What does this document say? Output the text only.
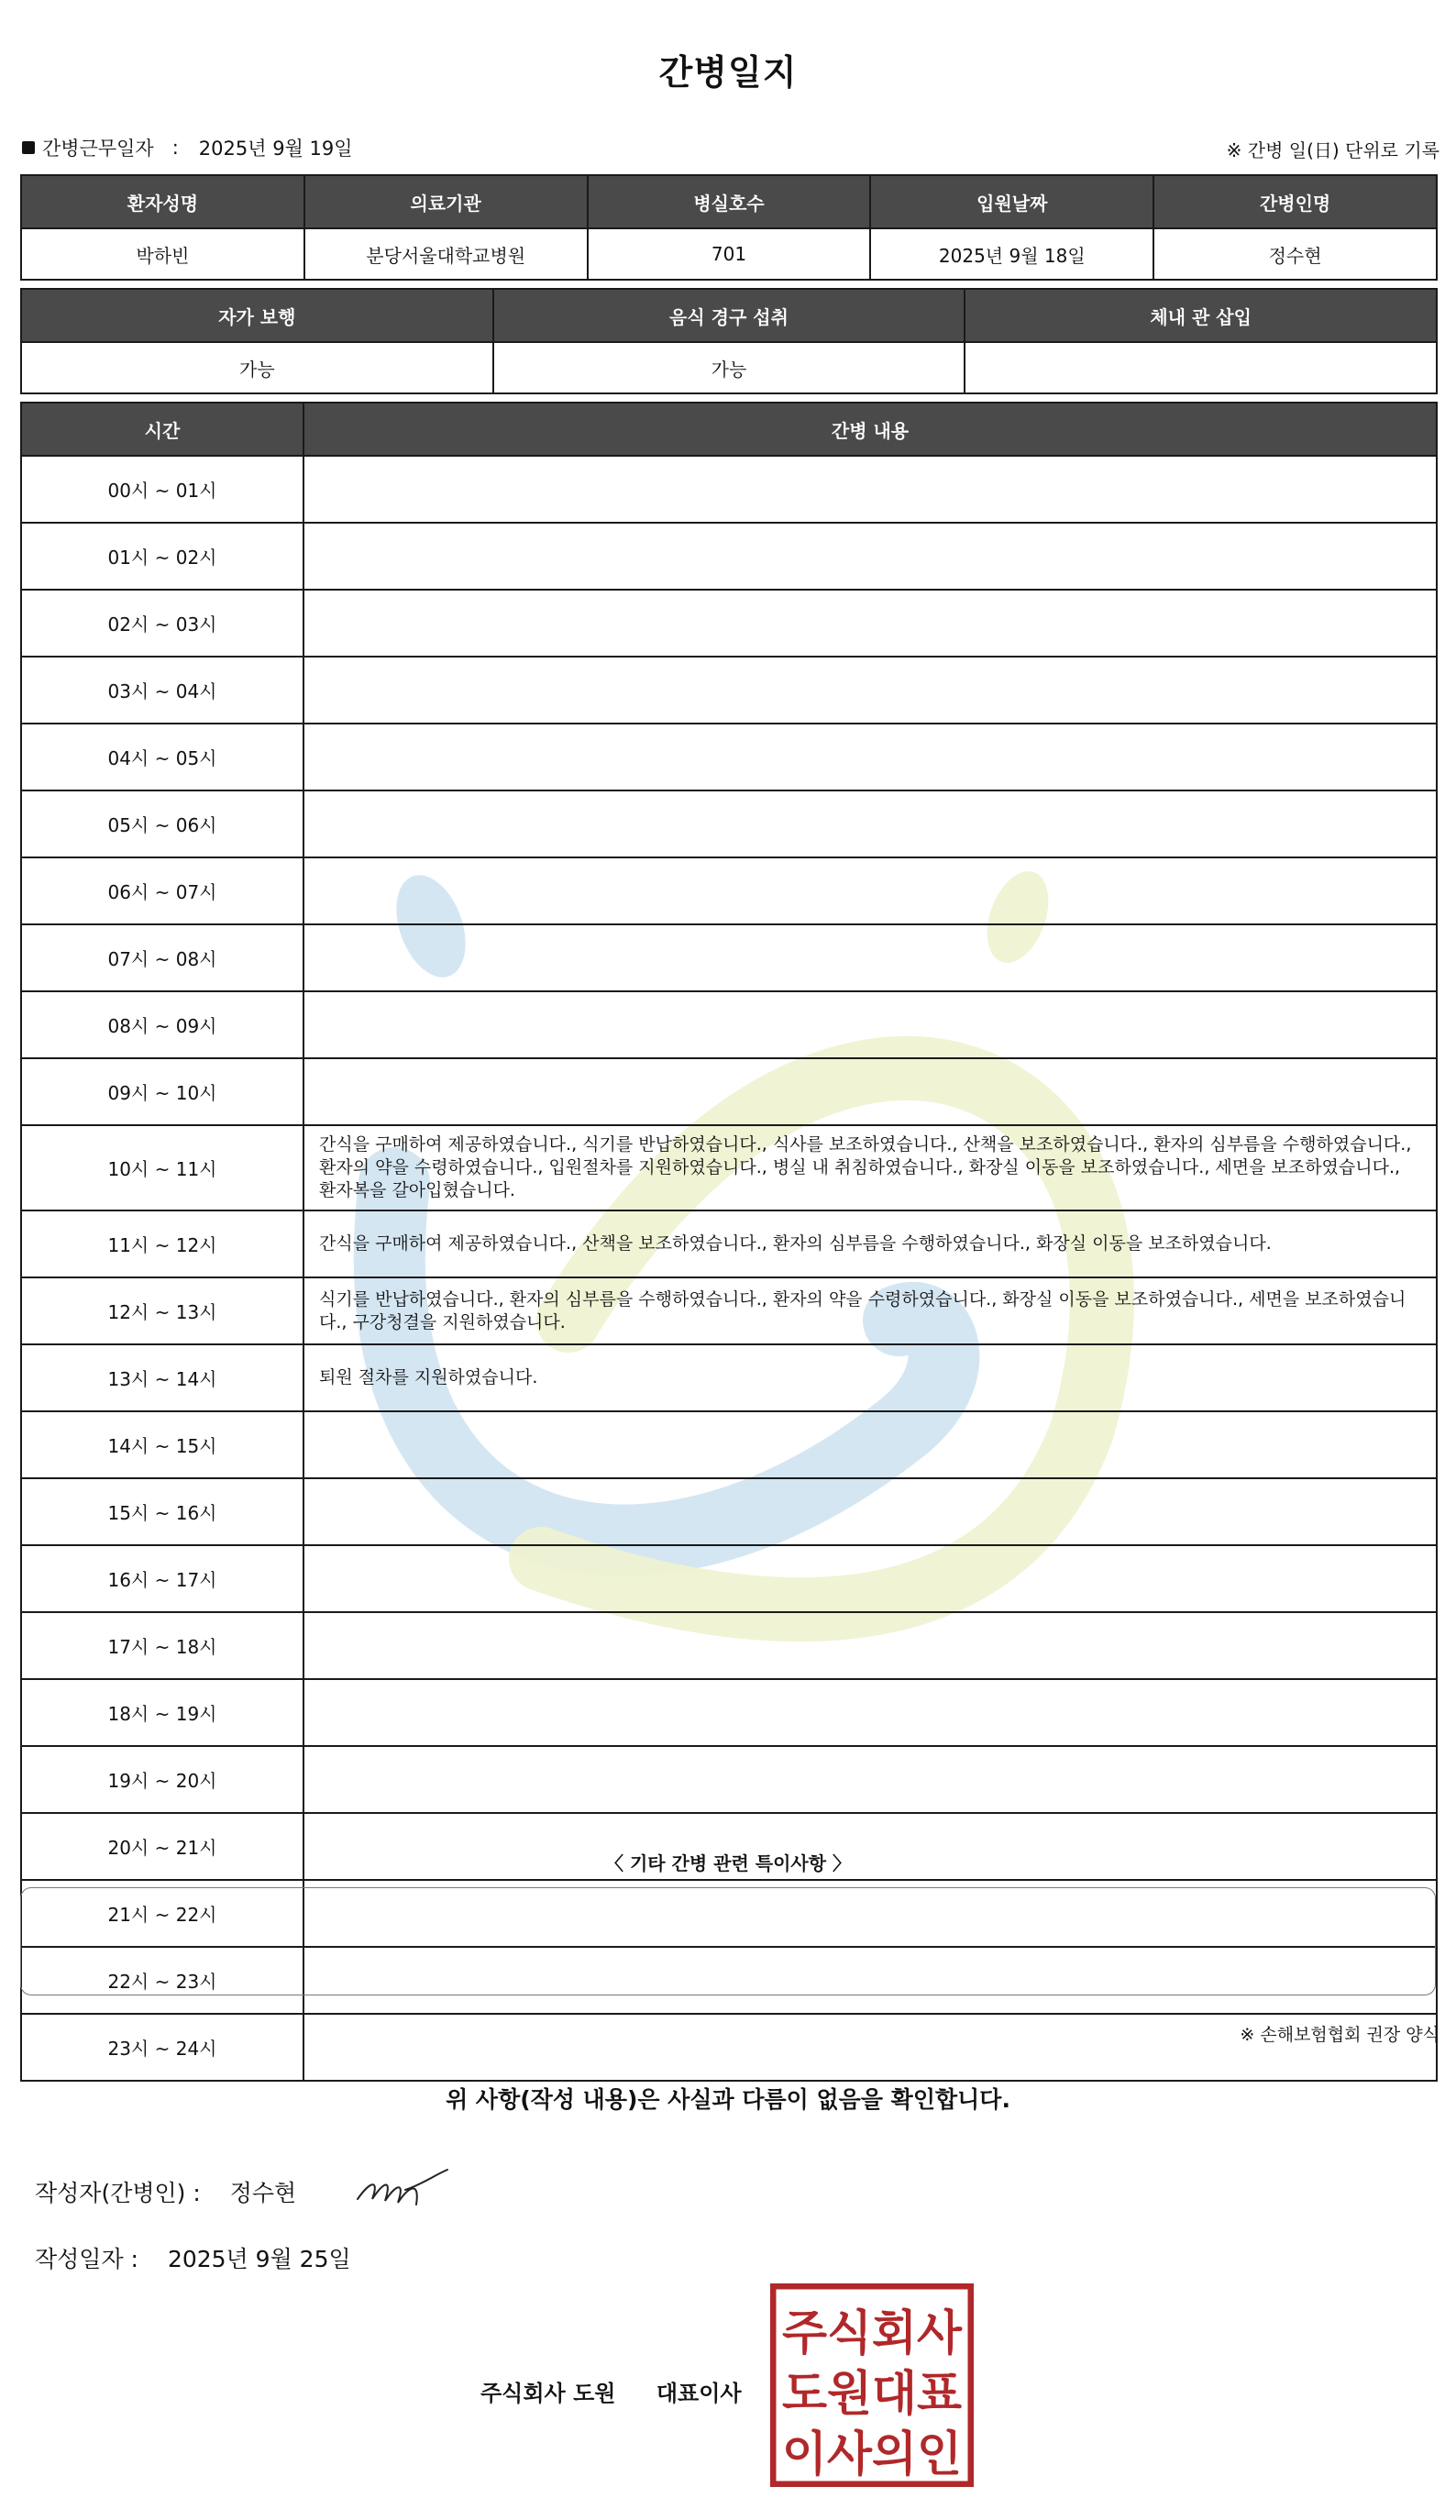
간병일지
간병근무일자 : 2025년 9월 19일	※ 간병 일(日) 단위로 기록
환자성명	의료기관	병실호수	입원날짜	간병인명
박하빈	분당서울대학교병원	701	2025년 9월 18일	정수현
자가 보행	음식 경구 섭취	체내 관 삽입
가능	가능	
시간	간병 내용
00시 ~ 01시	
01시 ~ 02시	
02시 ~ 03시	
03시 ~ 04시	
04시 ~ 05시	
05시 ~ 06시	
06시 ~ 07시	
07시 ~ 08시	
08시 ~ 09시	
09시 ~ 10시	
10시 ~ 11시	간식을 구매하여 제공하였습니다., 식기를 반납하였습니다., 식사를 보조하였습니다., 산책을 보조하였습니다., 환자의 심부름을 수행하였습니다., 환자의 약을 수령하였습니다., 입원절차를 지원하였습니다., 병실 내 취침하였습니다., 화장실 이동을 보조하였습니다., 세면을 보조하였습니다., 환자복을 갈아입혔습니다.
11시 ~ 12시	간식을 구매하여 제공하였습니다., 산책을 보조하였습니다., 환자의 심부름을 수행하였습니다., 화장실 이동을 보조하였습니다.
12시 ~ 13시	식기를 반납하였습니다., 환자의 심부름을 수행하였습니다., 환자의 약을 수령하였습니다., 화장실 이동을 보조하였습니다., 세면을 보조하였습니다., 구강청결을 지원하였습니다.
13시 ~ 14시	퇴원 절차를 지원하였습니다.
14시 ~ 15시	
15시 ~ 16시	
16시 ~ 17시	
17시 ~ 18시	
18시 ~ 19시	
19시 ~ 20시	
20시 ~ 21시	
21시 ~ 22시	
22시 ~ 23시	
23시 ~ 24시	
〈 기타 간병 관련 특이사항 〉
※ 손해보험협회 권장 양식
위 사항(작성 내용)은 사실과 다름이 없음을 확인합니다.
작성자(간병인) : 정수현
작성일자 : 2025년 9월 25일
주식회사 도원 대표이사
주식회사
도원대표
이사의인
